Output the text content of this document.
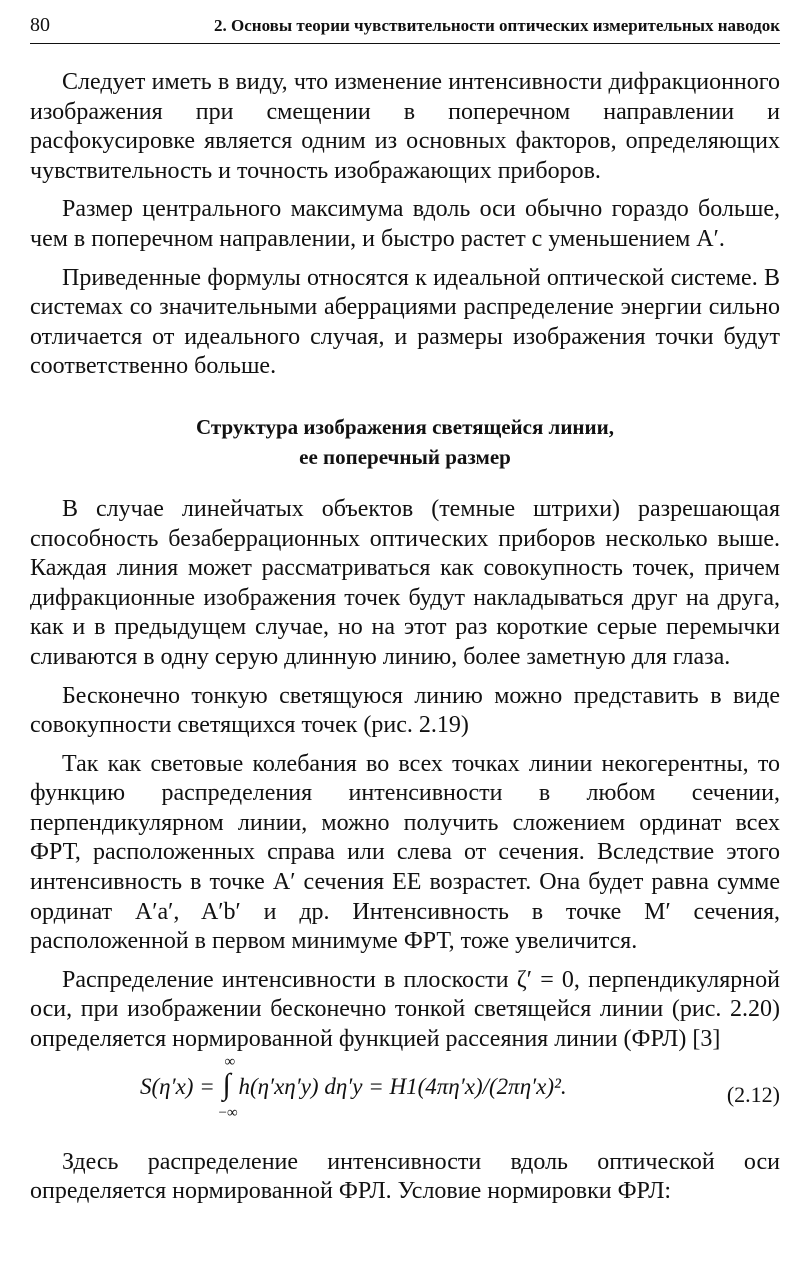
80	2. Основы теории чувствительности оптических измерительных наводок

Следует иметь в виду, что изменение интенсивности дифракционного изображения при смещении в поперечном направлении и расфокусировке является одним из основных факторов, определяющих чувствительность и точность изображающих приборов.

Размер центрального максимума вдоль оси обычно гораздо больше, чем в поперечном направлении, и быстро растет с уменьшением A′.

Приведенные формулы относятся к идеальной оптической системе. В системах со значительными аберрациями распределение энергии сильно отличается от идеального случая, и размеры изображения точки будут соответственно больше.

Структура изображения светящейся линии,
ее поперечный размер

В случае линейчатых объектов (темные штрихи) разрешающая способность безаберрационных оптических приборов несколько выше. Каждая линия может рассматриваться как совокупность точек, причем дифракционные изображения точек будут накладываться друг на друга, как и в предыдущем случае, но на этот раз короткие серые перемычки сливаются в одну серую длинную линию, более заметную для глаза.

Бесконечно тонкую светящуюся линию можно представить в виде совокупности светящихся точек (рис. 2.19)

Так как световые колебания во всех точках линии некогерентны, то функцию распределения интенсивности в любом сечении, перпендикулярном линии, можно получить сложением ординат всех ФРТ, расположенных справа или слева от сечения. Вследствие этого интенсивность в точке A′ сечения EE возрастет. Она будет равна сумме ординат A′a′, A′b′ и др. Интенсивность в точке M′ сечения, расположенной в первом минимуме ФРТ, тоже увеличится.

Распределение интенсивности в плоскости ζ′ = 0, перпендикулярной оси, при изображении бесконечно тонкой светящейся линии (рис. 2.20) определяется нормированной функцией рассеяния линии (ФРЛ) [3]

S(η′x) = ∫
∞
−∞
h(η′xη′y) dη′y = H1(4πη′x)/(2πη′x)².	(2.12)

Здесь распределение интенсивности вдоль оптической оси определяется нормированной ФРЛ. Условие нормировки ФРЛ:
